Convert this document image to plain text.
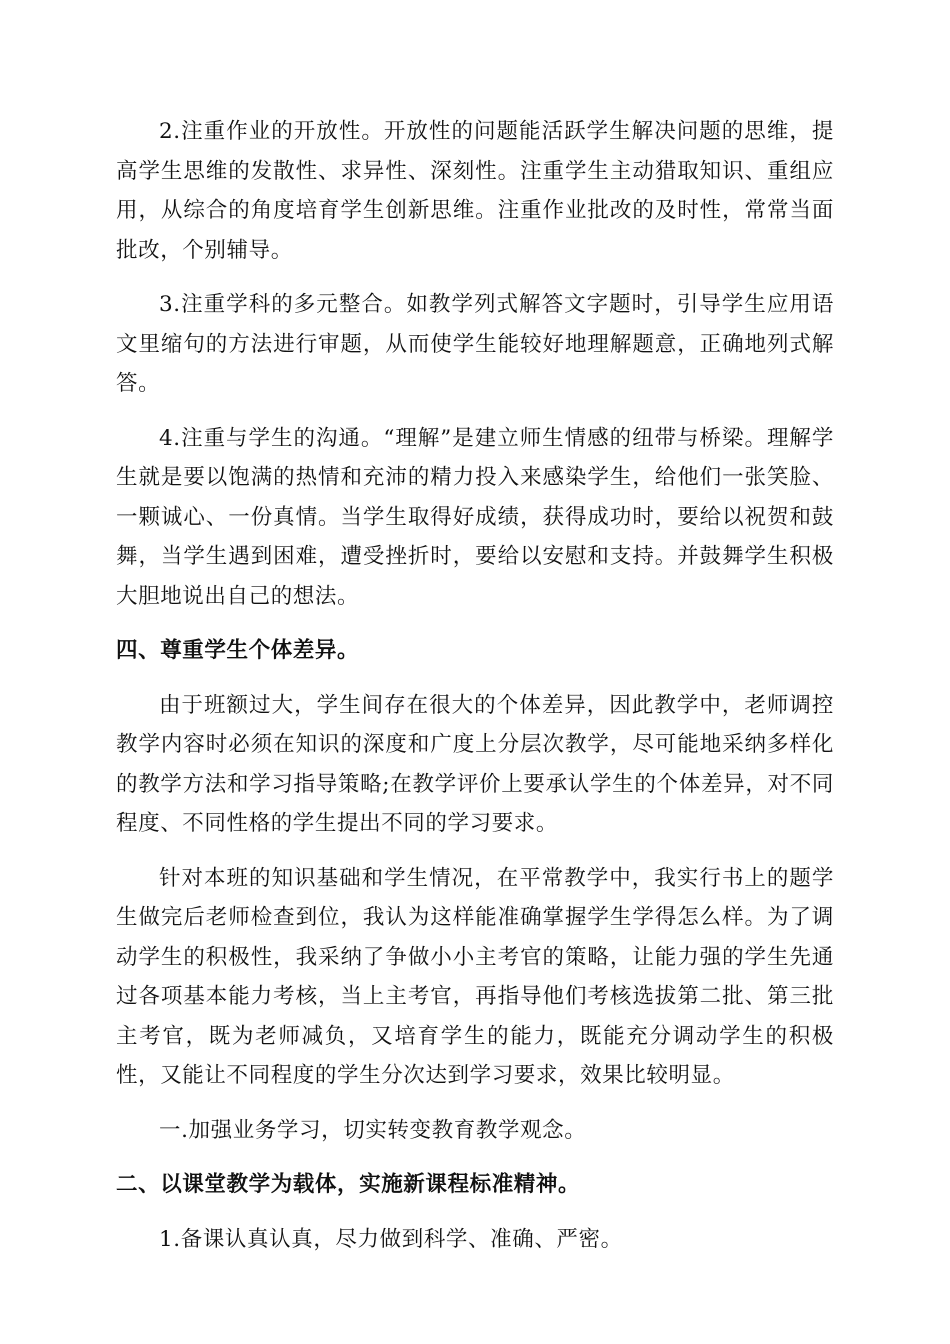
2.注重作业的开放性。开放性的问题能活跃学生解决问题的思维，提高学生思维的发散性、求异性、深刻性。注重学生主动猎取知识、重组应用，从综合的角度培育学生创新思维。注重作业批改的及时性，常常当面批改，个别辅导。

3.注重学科的多元整合。如教学列式解答文字题时，引导学生应用语文里缩句的方法进行审题，从而使学生能较好地理解题意，正确地列式解答。

4.注重与学生的沟通。“理解”是建立师生情感的纽带与桥梁。理解学生就是要以饱满的热情和充沛的精力投入来感染学生，给他们一张笑脸、一颗诚心、一份真情。当学生取得好成绩，获得成功时，要给以祝贺和鼓舞，当学生遇到困难，遭受挫折时，要给以安慰和支持。并鼓舞学生积极大胆地说出自己的想法。

四、尊重学生个体差异。

由于班额过大，学生间存在很大的个体差异，因此教学中，老师调控教学内容时必须在知识的深度和广度上分层次教学，尽可能地采纳多样化的教学方法和学习指导策略;在教学评价上要承认学生的个体差异，对不同程度、不同性格的学生提出不同的学习要求。

针对本班的知识基础和学生情况，在平常教学中，我实行书上的题学生做完后老师检查到位，我认为这样能准确掌握学生学得怎么样。为了调动学生的积极性，我采纳了争做小小主考官的策略，让能力强的学生先通过各项基本能力考核，当上主考官，再指导他们考核选拔第二批、第三批主考官，既为老师减负，又培育学生的能力，既能充分调动学生的积极性，又能让不同程度的学生分次达到学习要求，效果比较明显。

一.加强业务学习，切实转变教育教学观念。

二、以课堂教学为载体，实施新课程标准精神。

1.备课认真认真，尽力做到科学、准确、严密。
